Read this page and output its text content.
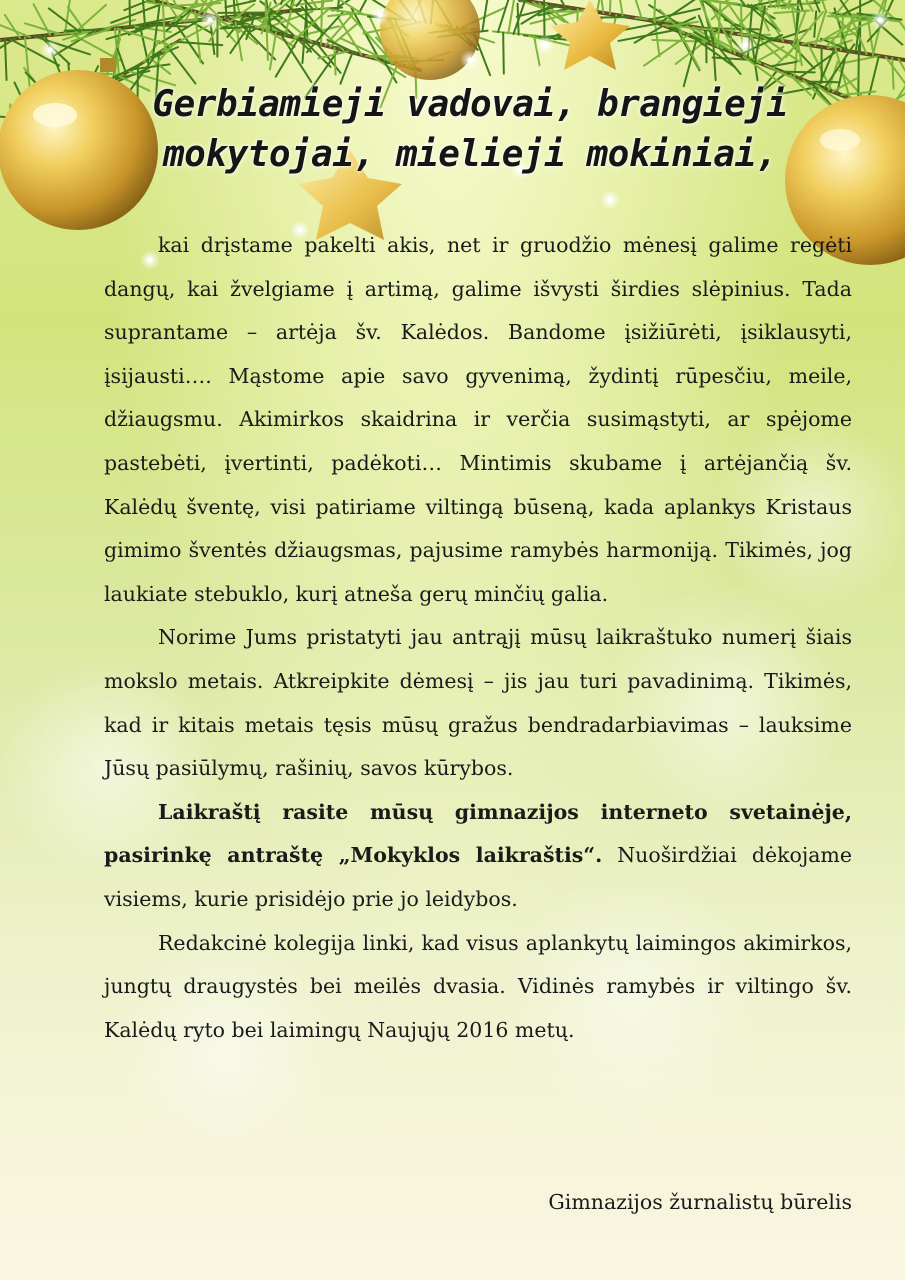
Gerbiamieji vadovai, brangieji
mokytojai, mielieji mokiniai,

kai drįstame pakelti akis, net ir gruodžio mėnesį galime regėti dangų, kai žvelgiame į artimą, galime išvysti širdies slėpinius. Tada suprantame – artėja šv. Kalėdos. Bandome įsižiūrėti, įsiklausyti, įsijausti…. Mąstome apie savo gyvenimą, žydintį rūpesčiu, meile, džiaugsmu. Akimirkos skaidrina ir verčia susimąstyti, ar spėjome pastebėti, įvertinti, padėkoti… Mintimis skubame į artėjančią šv. Kalėdų šventę, visi patiriame viltingą būseną, kada aplankys Kristaus gimimo šventės džiaugsmas, pajusime ramybės harmoniją. Tikimės, jog laukiate stebuklo, kurį atneša gerų minčių galia.

Norime Jums pristatyti jau antrąjį mūsų laikraštuko numerį šiais mokslo metais. Atkreipkite dėmesį – jis jau turi pavadinimą. Tikimės, kad ir kitais metais tęsis mūsų gražus bendradarbiavimas – lauksime Jūsų pasiūlymų, rašinių, savos kūrybos.

Laikraštį rasite mūsų gimnazijos interneto svetainėje, pasirinkę antraštę „Mokyklos laikraštis“. Nuoširdžiai dėkojame visiems, kurie prisidėjo prie jo leidybos.

Redakcinė kolegija linki, kad visus aplankytų laimingos akimirkos, jungtų draugystės bei meilės dvasia. Vidinės ramybės ir viltingo šv. Kalėdų ryto bei laimingų Naujųjų 2016 metų.

Gimnazijos žurnalistų būrelis
